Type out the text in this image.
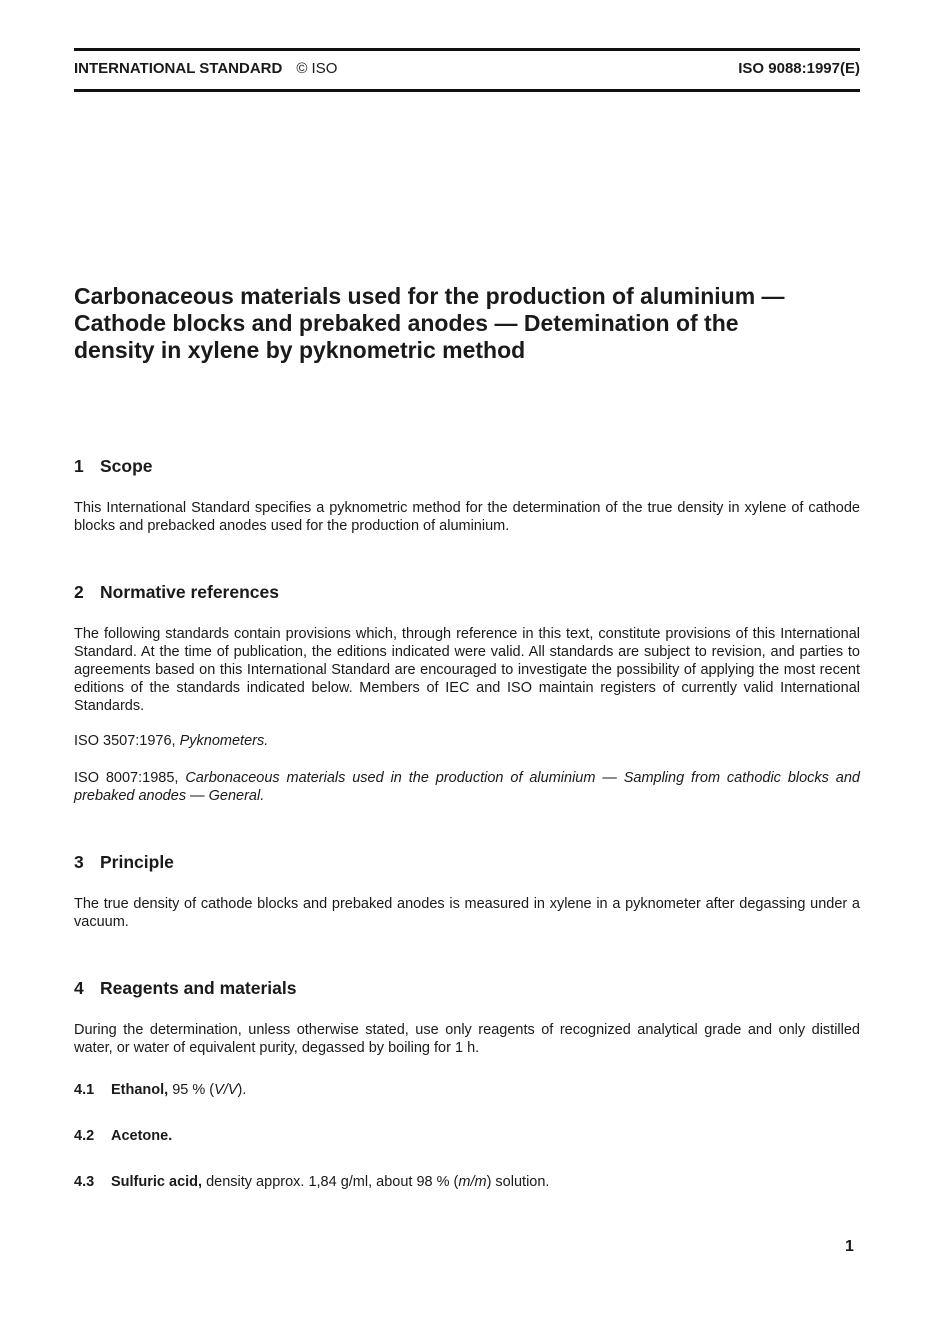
INTERNATIONAL STANDARD © ISO	ISO 9088:1997(E)
Carbonaceous materials used for the production of aluminium —
Cathode blocks and prebaked anodes — Detemination of the
density in xylene by pyknometric method
1 Scope

This International Standard specifies a pyknometric method for the determination of the true density in xylene of cathode blocks and prebacked anodes used for the production of aluminium.

2 Normative references

The following standards contain provisions which, through reference in this text, constitute provisions of this International Standard. At the time of publication, the editions indicated were valid. All standards are subject to revision, and parties to agreements based on this International Standard are encouraged to investigate the possibility of applying the most recent editions of the standards indicated below. Members of IEC and ISO maintain registers of currently valid International Standards.

ISO 3507:1976, Pyknometers.

ISO 8007:1985, Carbonaceous materials used in the production of aluminium — Sampling from cathodic blocks and prebaked anodes — General.

3 Principle

The true density of cathode blocks and prebaked anodes is measured in xylene in a pyknometer after degassing under a vacuum.

4 Reagents and materials

During the determination, unless otherwise stated, use only reagents of recognized analytical grade and only distilled water, or water of equivalent purity, degassed by boiling for 1 h.

4.1 Ethanol, 95 % (V/V).

4.2 Acetone.

4.3 Sulfuric acid, density approx. 1,84 g/ml, about 98 % (m/m) solution.

1
